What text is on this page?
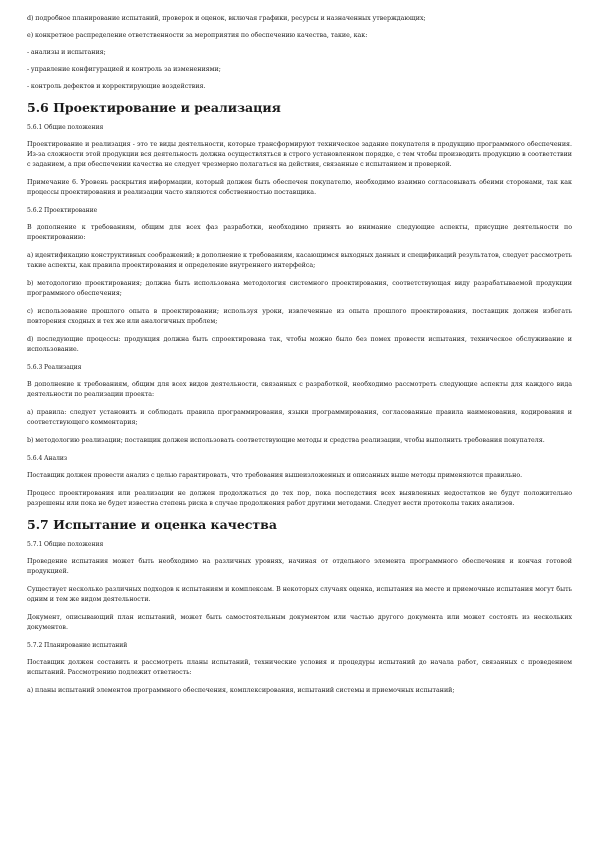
d) подробное планирование испытаний, проверок и оценок, включая графики, ресурсы и назначенных утверждающих;

е) конкретное распределение ответственности за мероприятия по обеспечению качества, такие, как:

- анализы и испытания;

- управление конфигурацией и контроль за изменениями;

- контроль дефектов и корректирующие воздействия.

5.6 Проектирование и реализация

5.6.1 Общие положения

Проектирование и реализация - это те виды деятельности, которые трансформируют техническое задание покупателя в продукцию программного обеспечения. Из-за сложности этой продукции вся деятельность должна осуществляться в строго установленном порядке, с тем чтобы производить продукцию в соответствии с заданием, а при обеспечении качества не следует чрезмерно полагаться на действия, связанные с испытанием и проверкой.

Примечание 6. Уровень раскрытия информации, который должен быть обеспечен покупателю, необходимо взаимно согласовывать обеими сторонами, так как процессы проектирования и реализации часто являются собственностью поставщика.

5.6.2 Проектирование

В дополнение к требованиям, общим для всех фаз разработки, необходимо принять во внимание следующие аспекты, присущие деятельности по проектированию:

а) идентификацию конструктивных соображений; в дополнение к требованиям, касающимся выходных данных и спецификаций результатов, следует рассмотреть такие аспекты, как правила проектирования и определение внутреннего интерфейса;

b) методологию проектирования; должна быть использована методология системного проектирования, соответствующая виду разрабатываемой продукции программного обеспечения;

с) использование прошлого опыта в проектировании; используя уроки, извлеченные из опыта прошлого проектирования, поставщик должен избегать повторения сходных и тех же или аналогичных проблем;

d) последующие процессы: продукция должна быть спроектирована так, чтобы можно было без помех провести испытания, техническое обслуживание и использование.

5.6.3 Реализация

В дополнение к требованиям, общим для всех видов деятельности, связанных с разработкой, необходимо рассмотреть следующие аспекты для каждого вида деятельности по реализации проекта:

а) правила: следует установить и соблюдать правила программирования, языки программирования, согласованные правила наименования, кодирования и соответствующего комментария;

b) методологию реализации; поставщик должен использовать соответствующие методы и средства реализации, чтобы выполнить требования покупателя.

5.6.4 Анализ

Поставщик должен провести анализ с целью гарантировать, что требования вышеизложенных и описанных выше методы применяются правильно.

Процесс проектирования или реализации не должен продолжаться до тех пор, пока последствия всех выявленных недостатков не будут положительно разрешены или пока не будет известна степень риска в случае продолжения работ другими методами. Следует вести протоколы таких анализов.

5.7 Испытание и оценка качества

5.7.1 Общие положения

Проведение испытания может быть необходимо на различных уровнях, начиная от отдельного элемента программного обеспечения и кончая готовой продукцией.

Существует несколько различных подходов к испытаниям и комплексам. В некоторых случаях оценка, испытания на месте и приемочные испытания могут быть одним и тем же видом деятельности.

Документ, описывающий план испытаний, может быть самостоятельным документом или частью другого документа или может состоять из нескольких документов.

5.7.2 Планирование испытаний

Поставщик должен составить и рассмотреть планы испытаний, технические условия и процедуры испытаний до начала работ, связанных с проведением испытаний. Рассмотрению подлежит ответность:

а) планы испытаний элементов программного обеспечения, комплексирования, испытаний системы и приемочных испытаний;
